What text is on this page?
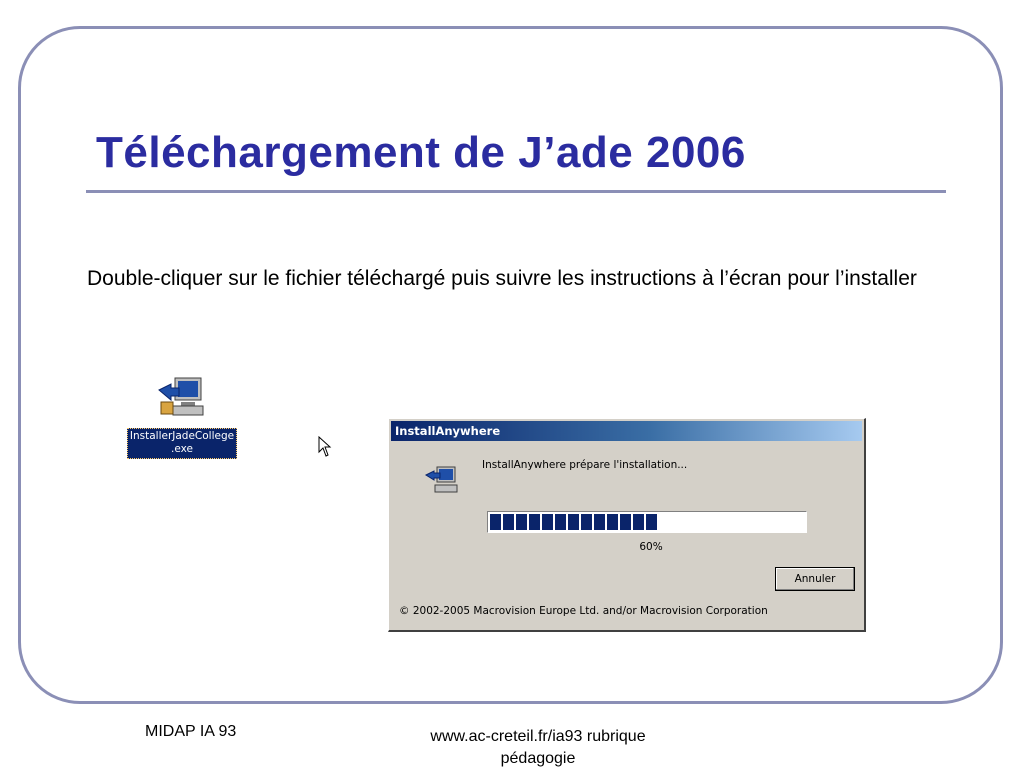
Téléchargement de J’ade 2006

Double-cliquer sur le fichier téléchargé puis suivre les instructions à l’écran pour l’installer

InstallerJadeCollege
.exe
InstallAnywhere
InstallAnywhere prépare l'installation...
60%
Annuler
© 2002-2005 Macrovision Europe Ltd. and/or Macrovision Corporation
MIDAP IA 93	www.ac-creteil.fr/ia93 rubrique pédagogie
